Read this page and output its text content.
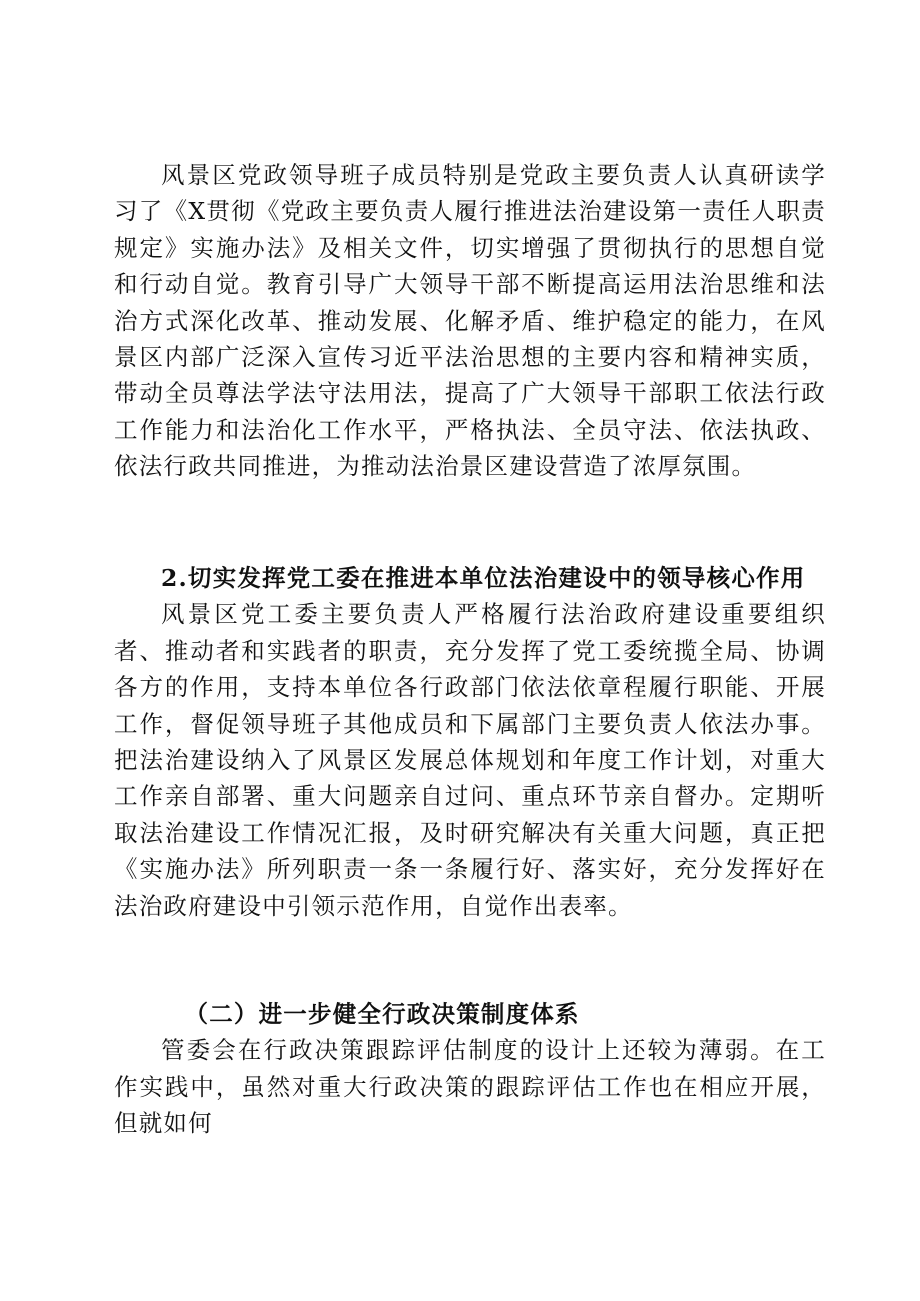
风景区党政领导班子成员特别是党政主要负责人认真研读学习了《X贯彻《党政主要负责人履行推进法治建设第一责任人职责规定》实施办法》及相关文件，切实增强了贯彻执行的思想自觉和行动自觉。教育引导广大领导干部不断提高运用法治思维和法治方式深化改革、推动发展、化解矛盾、维护稳定的能力，在风景区内部广泛深入宣传习近平法治思想的主要内容和精神实质，带动全员尊法学法守法用法，提高了广大领导干部职工依法行政工作能力和法治化工作水平，严格执法、全员守法、依法执政、依法行政共同推进，为推动法治景区建设营造了浓厚氛围。

2.切实发挥党工委在推进本单位法治建设中的领导核心作用

风景区党工委主要负责人严格履行法治政府建设重要组织者、推动者和实践者的职责，充分发挥了党工委统揽全局、协调各方的作用，支持本单位各行政部门依法依章程履行职能、开展工作，督促领导班子其他成员和下属部门主要负责人依法办事。把法治建设纳入了风景区发展总体规划和年度工作计划，对重大工作亲自部署、重大问题亲自过问、重点环节亲自督办。定期听取法治建设工作情况汇报，及时研究解决有关重大问题，真正把《实施办法》所列职责一条一条履行好、落实好，充分发挥好在法治政府建设中引领示范作用，自觉作出表率。

（二）进一步健全行政决策制度体系

管委会在行政决策跟踪评估制度的设计上还较为薄弱。在工作实践中，虽然对重大行政决策的跟踪评估工作也在相应开展，但就如何
